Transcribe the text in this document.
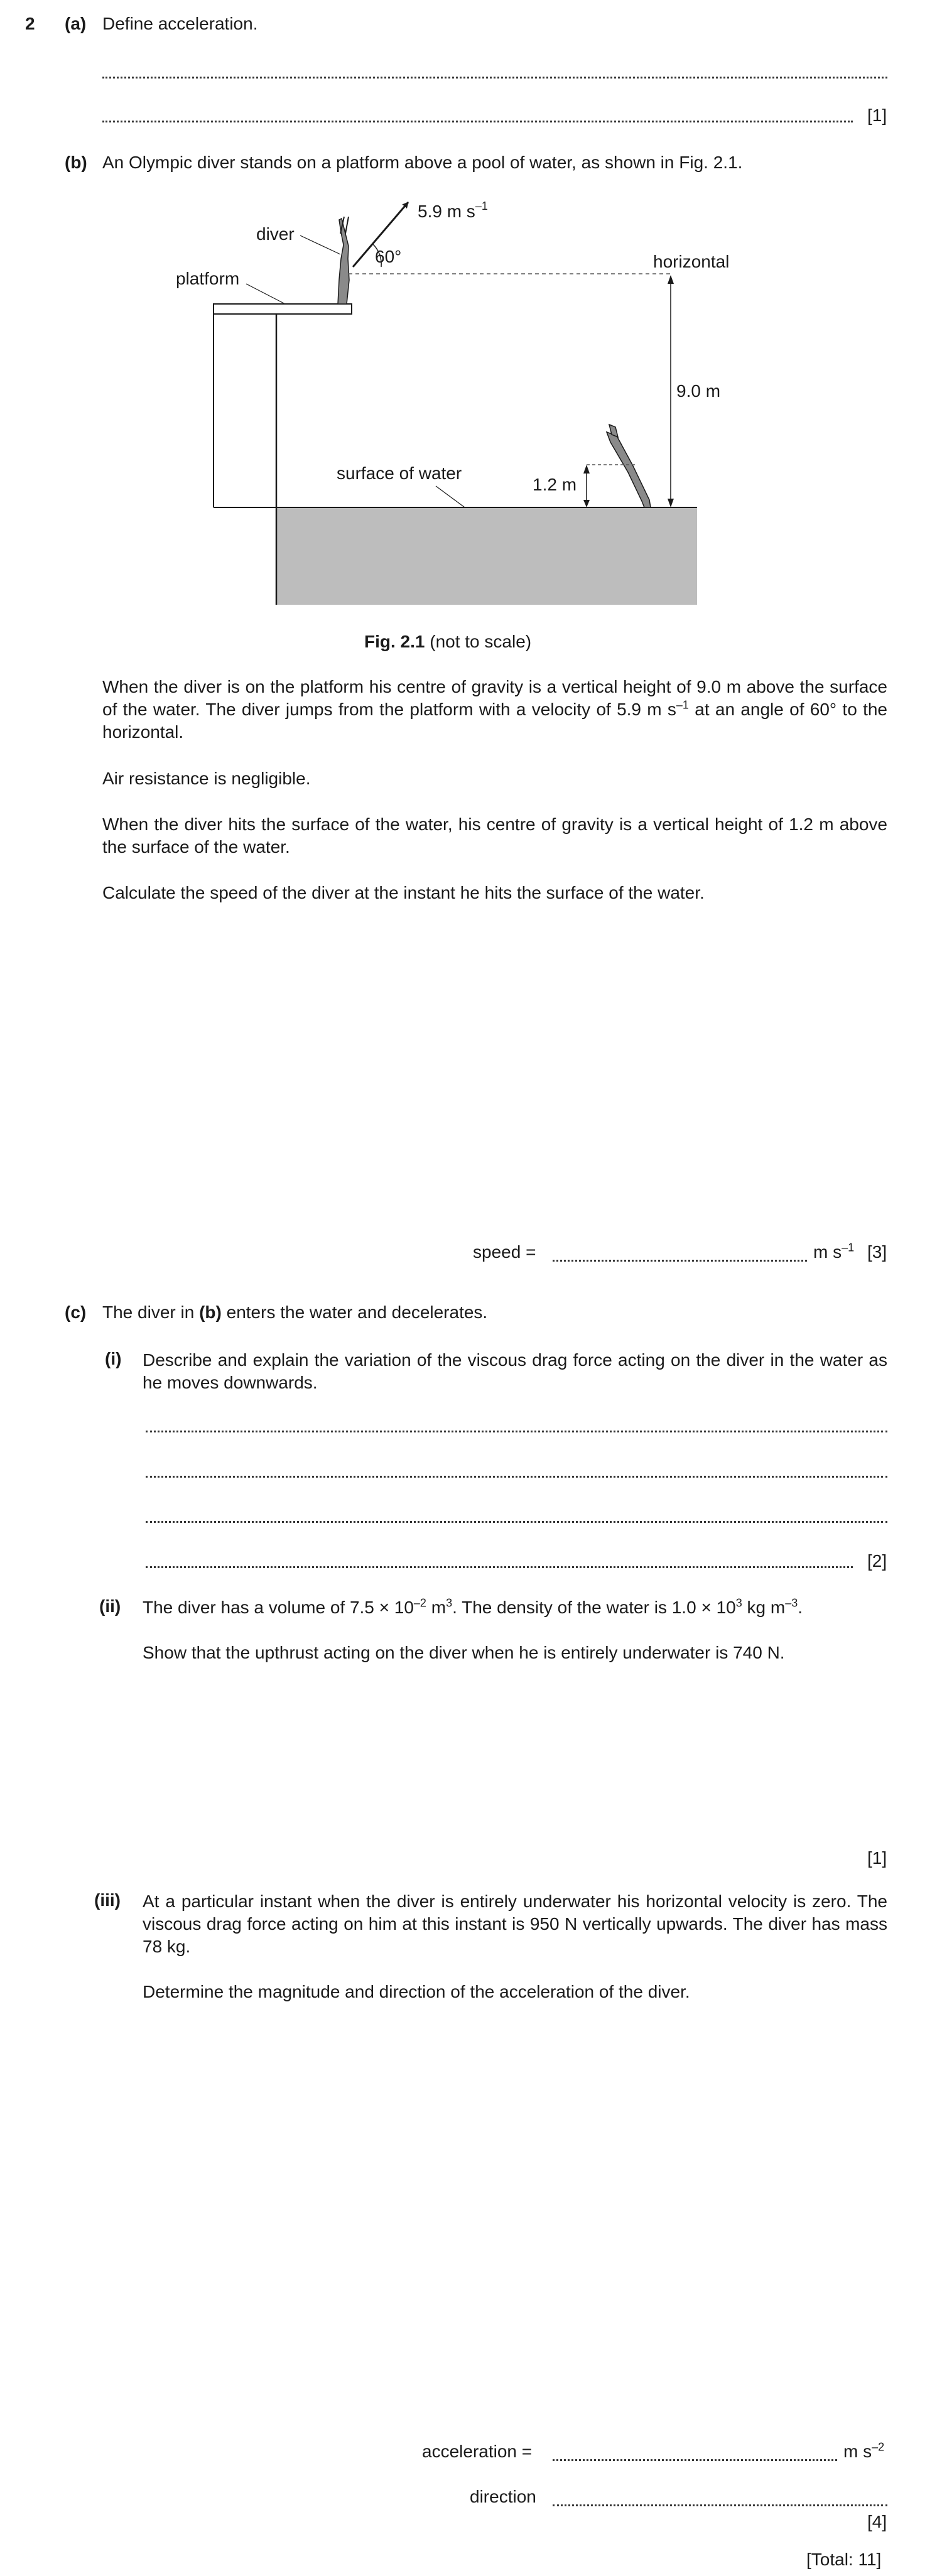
2 (a) Define acceleration.
[1]
(b) An Olympic diver stands on a platform above a pool of water, as shown in Fig. 2.1.
5.9 m $s^{-1}$
60°
diver
platform
horizontal
9.0 m
surface of water
1.2 m
Fig. 2.1 (not to scale)
When the diver is on the platform his centre of gravity is a vertical height of 9.0 m above the surface of the water. The diver jumps from the platform with a velocity of 5.9 m $s^{-1}$ at an angle of 60° to the horizontal.
Air resistance is negligible.
When the diver hits the surface of the water, his centre of gravity is a vertical height of 1.2 m above the surface of the water.
Calculate the speed of the diver at the instant he hits the surface of the water.
speed =	m $s^{-1}$ [3]
(c) The diver in (b) enters the water and decelerates.
(i) Describe and explain the variation of the viscous drag force acting on the diver in the water as he moves downwards.
[2]
(ii) The diver has a volume of $7.5 \times 10^{-2}$ $m^3$. The density of the water is $1.0 \times 10^3$ kg $m^{-3}$.
Show that the upthrust acting on the diver when he is entirely underwater is 740 N.
[1]
(iii) At a particular instant when the diver is entirely underwater his horizontal velocity is zero. The viscous drag force acting on him at this instant is 950 N vertically upwards. The diver has mass 78 kg.
Determine the magnitude and direction of the acceleration of the diver.
acceleration =	m $s^{-2}$
direction
[4]
[Total: 11]
